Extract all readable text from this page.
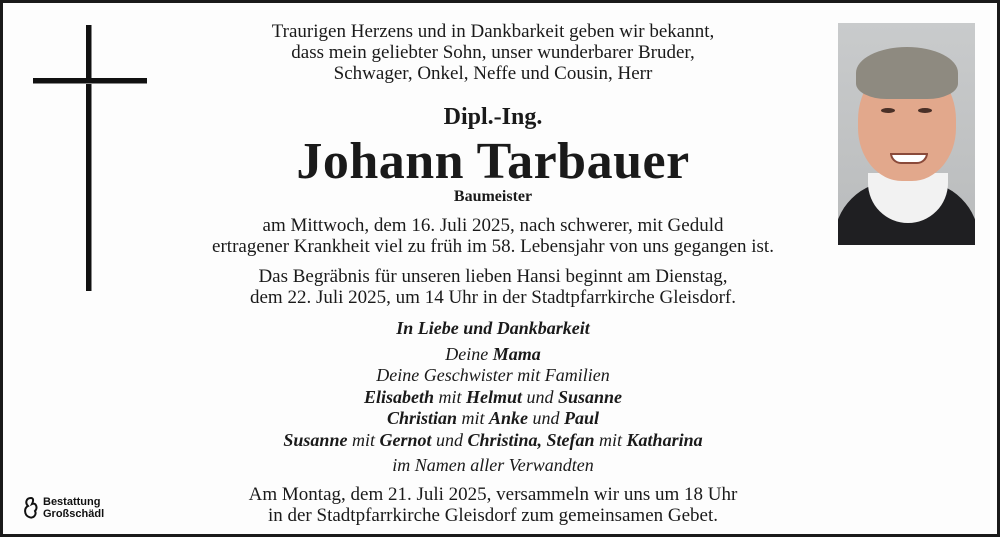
Traurigen Herzens und in Dankbarkeit geben wir bekannt,
dass mein geliebter Sohn, unser wunderbarer Bruder,
Schwager, Onkel, Neffe und Cousin, Herr
Dipl.-Ing.
Johann Tarbauer
Baumeister
am Mittwoch, dem 16. Juli 2025, nach schwerer, mit Geduld
ertragener Krankheit viel zu früh im 58. Lebensjahr von uns gegangen ist.
Das Begräbnis für unseren lieben Hansi beginnt am Dienstag,
dem 22. Juli 2025, um 14 Uhr in der Stadtpfarrkirche Gleisdorf.
In Liebe und Dankbarkeit
Deine Mama
Deine Geschwister mit Familien
Elisabeth mit Helmut und Susanne
Christian mit Anke und Paul
Susanne mit Gernot und Christina, Stefan mit Katharina
im Namen aller Verwandten
Am Montag, dem 21. Juli 2025, versammeln wir uns um 18 Uhr
in der Stadtpfarrkirche Gleisdorf zum gemeinsamen Gebet.
Bestattung
Großschädl
